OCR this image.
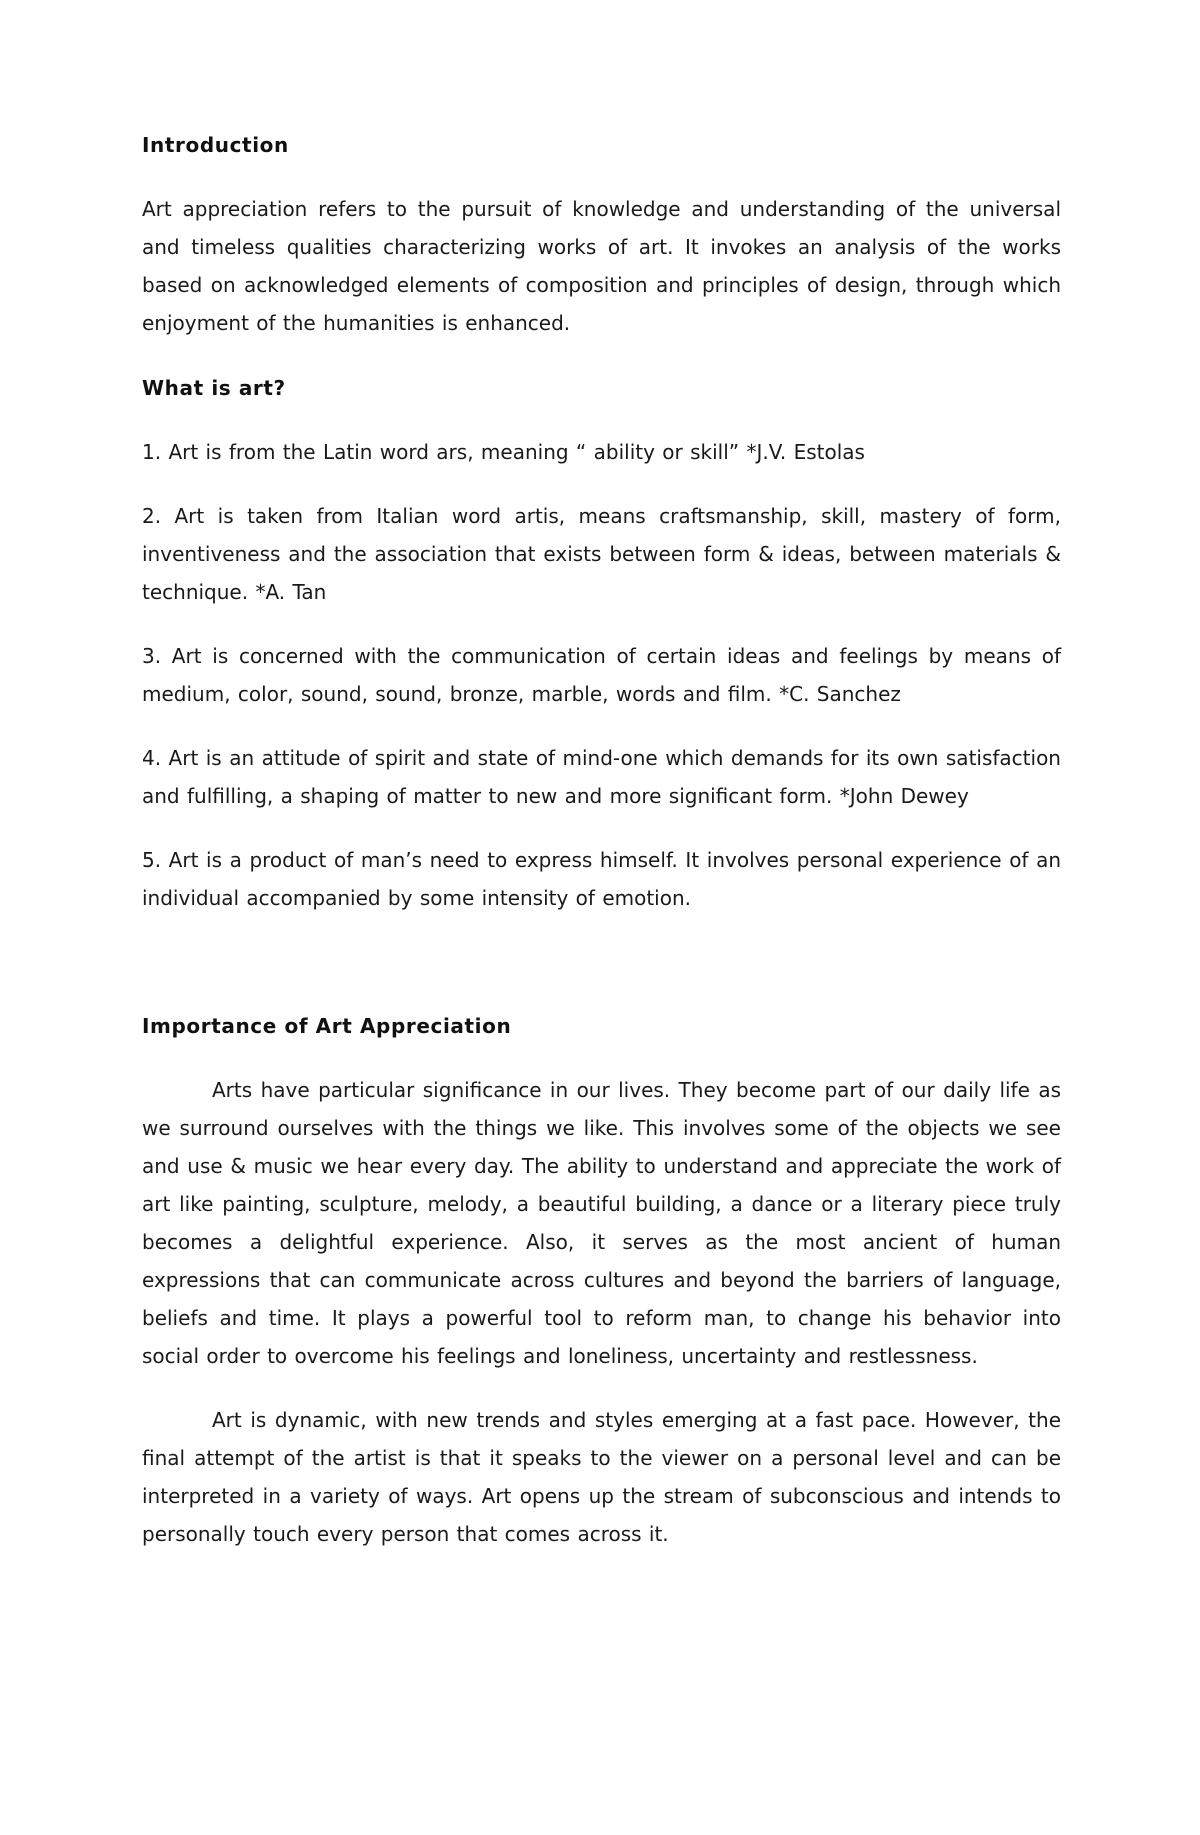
Introduction

Art appreciation refers to the pursuit of knowledge and understanding of the universal and timeless qualities characterizing works of art. It invokes an analysis of the works based on acknowledged elements of composition and principles of design, through which enjoyment of the humanities is enhanced.

What is art?

1. Art is from the Latin word ars, meaning “ ability or skill” *J.V. Estolas

2. Art is taken from Italian word artis, means craftsmanship, skill, mastery of form, inventiveness and the association that exists between form & ideas, between materials & technique. *A. Tan

3. Art is concerned with the communication of certain ideas and feelings by means of medium, color, sound, sound, bronze, marble, words and film. *C. Sanchez

4. Art is an attitude of spirit and state of mind-one which demands for its own satisfaction and fulfilling, a shaping of matter to new and more significant form. *John Dewey

5. Art is a product of man’s need to express himself. It involves personal experience of an individual accompanied by some intensity of emotion.

Importance of Art Appreciation

Arts have particular significance in our lives. They become part of our daily life as we surround ourselves with the things we like. This involves some of the objects we see and use & music we hear every day. The ability to understand and appreciate the work of art like painting, sculpture, melody, a beautiful building, a dance or a literary piece truly becomes a delightful experience. Also, it serves as the most ancient of human expressions that can communicate across cultures and beyond the barriers of language, beliefs and time. It plays a powerful tool to reform man, to change his behavior into social order to overcome his feelings and loneliness, uncertainty and restlessness.

Art is dynamic, with new trends and styles emerging at a fast pace. However, the final attempt of the artist is that it speaks to the viewer on a personal level and can be interpreted in a variety of ways. Art opens up the stream of subconscious and intends to personally touch every person that comes across it.
